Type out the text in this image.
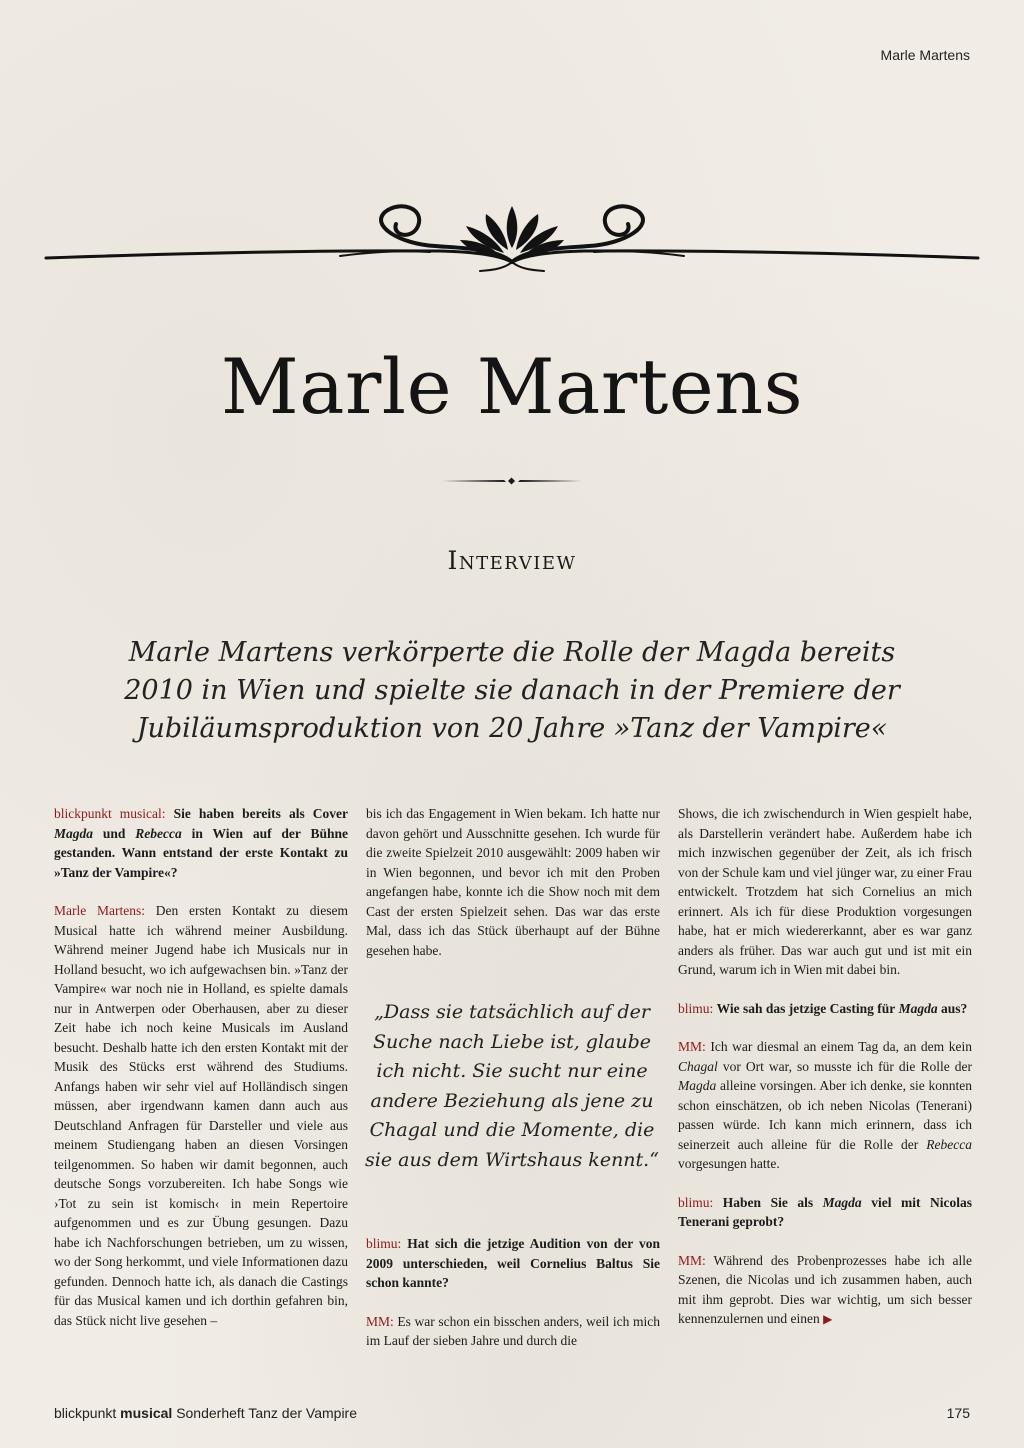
Marle Martens
Marle Martens
Interview
Marle Martens verkörperte die Rolle der Magda bereits 2010 in Wien und spielte sie danach in der Premiere der Jubiläumsproduktion von 20 Jahre »Tanz der Vampire«

blickpunkt musical: Sie haben bereits als Cover Magda und Rebecca in Wien auf der Bühne gestanden. Wann entstand der erste Kontakt zu »Tanz der Vampire«?

Marle Martens: Den ersten Kontakt zu diesem Musical hatte ich während meiner Ausbildung. Während meiner Jugend habe ich Musicals nur in Holland besucht, wo ich aufgewachsen bin. »Tanz der Vampire« war noch nie in Holland, es spielte damals nur in Antwerpen oder Oberhausen, aber zu dieser Zeit habe ich noch keine Musicals im Ausland besucht. Deshalb hatte ich den ersten Kontakt mit der Musik des Stücks erst während des Studiums. Anfangs haben wir sehr viel auf Holländisch singen müssen, aber irgendwann kamen dann auch aus Deutschland Anfragen für Darsteller und viele aus meinem Studiengang haben an diesen Vorsingen teilgenommen. So haben wir damit begonnen, auch deutsche Songs vorzubereiten. Ich habe Songs wie ›Tot zu sein ist komisch‹ in mein Repertoire aufgenommen und es zur Übung gesungen. Dazu habe ich Nachforschungen betrieben, um zu wissen, wo der Song herkommt, und viele Informationen dazu gefunden. Dennoch hatte ich, als danach die Castings für das Musical kamen und ich dorthin gefahren bin, das Stück nicht live gesehen –

bis ich das Engagement in Wien bekam. Ich hatte nur davon gehört und Ausschnitte gesehen. Ich wurde für die zweite Spielzeit 2010 ausgewählt: 2009 haben wir in Wien begonnen, und bevor ich mit den Proben angefangen habe, konnte ich die Show noch mit dem Cast der ersten Spielzeit sehen. Das war das erste Mal, dass ich das Stück überhaupt auf der Bühne gesehen habe.

„Dass sie tatsächlich auf der Suche nach Liebe ist, glaube ich nicht. Sie sucht nur eine andere Beziehung als jene zu Chagal und die Momente, die sie aus dem Wirtshaus kennt.“

blimu: Hat sich die jetzige Audition von der von 2009 unterschieden, weil Cornelius Baltus Sie schon kannte?

MM: Es war schon ein bisschen anders, weil ich mich im Lauf der sieben Jahre und durch die

Shows, die ich zwischendurch in Wien gespielt habe, als Darstellerin verändert habe. Außerdem habe ich mich inzwischen gegenüber der Zeit, als ich frisch von der Schule kam und viel jünger war, zu einer Frau entwickelt. Trotzdem hat sich Cornelius an mich erinnert. Als ich für diese Produktion vorgesungen habe, hat er mich wiedererkannt, aber es war ganz anders als früher. Das war auch gut und ist mit ein Grund, warum ich in Wien mit dabei bin.

blimu: Wie sah das jetzige Casting für Magda aus?

MM: Ich war diesmal an einem Tag da, an dem kein Chagal vor Ort war, so musste ich für die Rolle der Magda alleine vorsingen. Aber ich denke, sie konnten schon einschätzen, ob ich neben Nicolas (Tenerani) passen würde. Ich kann mich erinnern, dass ich seinerzeit auch alleine für die Rolle der Rebecca vorgesungen hatte.

blimu: Haben Sie als Magda viel mit Nicolas Tenerani geprobt?

MM: Während des Probenprozesses habe ich alle Szenen, die Nicolas und ich zusammen haben, auch mit ihm geprobt. Dies war wichtig, um sich besser kennenzulernen und einen ▶

blickpunkt musical Sonderheft Tanz der Vampire	175
